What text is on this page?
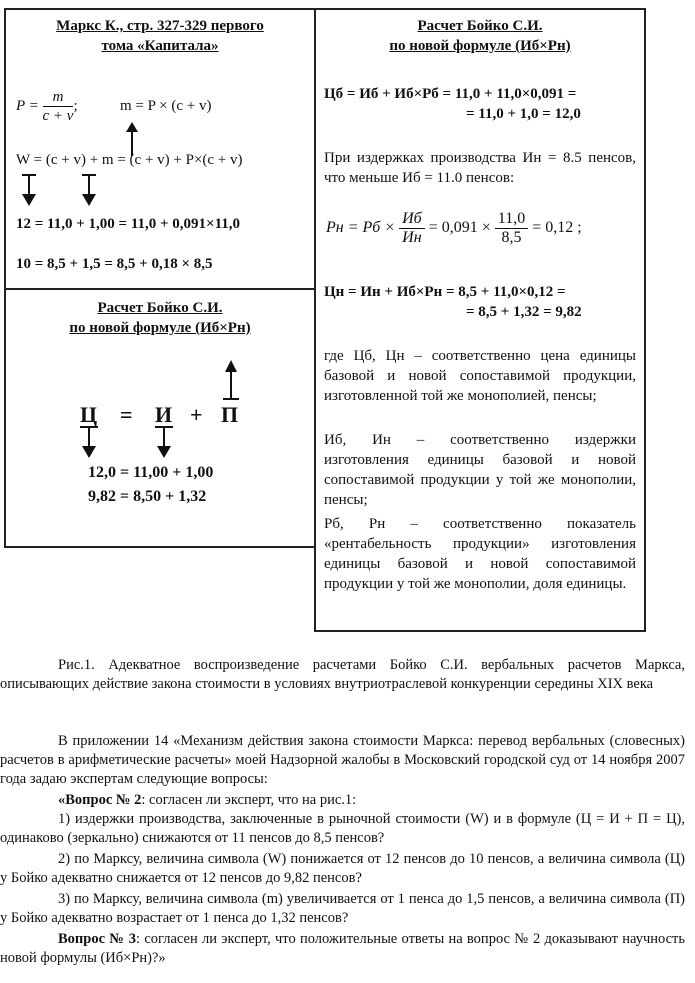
Маркс К., стр. 327-329 первого
тома «Капитала»
$P = \frac{m}{c + v}$ ;	m = P × (c + v)
W = (c + v) + m = (c + v) + P×(c + v)
12 = 11,0 + 1,00 = 11,0 + 0,091×11,0
10 = 8,5 + 1,5 = 8,5 + 0,18 × 8,5
Расчет Бойко С.И.
по новой формуле (Иб×Рн)
Ц = И + П
12,0 = 11,00 + 1,00
9,82 = 8,50 + 1,32
Расчет Бойко С.И.
по новой формуле (Иб×Рн)
Цб = Иб + Иб×Рб = 11,0 + 11,0×0,091 =
= 11,0 + 1,0 = 12,0
При издержках производства Ин = 8.5 пенсов, что меньше Иб = 11.0 пенсов:
Pн = Pб × $\frac{Иб}{Ин} = 0,091 \times \frac{11,0}{8,5} = 0,12$ ;
Цн = Ин + Иб×Рн = 8,5 + 11,0×0,12 =
= 8,5 + 1,32 = 9,82
где Цб, Цн – соответственно цена единицы базовой и новой сопоставимой продукции, изготовленной той же монополией, пенсы;
Иб, Ин – соответственно издержки изготовления единицы базовой и новой сопоставимой продукции у той же монополии, пенсы;
Рб, Рн – соответственно показатель «рентабельность продукции» изготовления единицы базовой и новой сопоставимой продукции у той же монополии, доля единицы.
Рис.1. Адекватное воспроизведение расчетами Бойко С.И. вербальных расчетов Маркса, описывающих действие закона стоимости в условиях внутриотраслевой конкуренции середины XIX века
В приложении 14 «Механизм действия закона стоимости Маркса: перевод вербальных (словесных) расчетов в арифметические расчеты» моей Надзорной жалобы в Московский городской суд от 14 ноября 2007 года задаю экспертам следующие вопросы:
«Вопрос № 2: согласен ли эксперт, что на рис.1:
1) издержки производства, заключенные в рыночной стоимости (W) и в формуле (Ц = И + П = Ц), одинаково (зеркально) снижаются от 11 пенсов до 8,5 пенсов?
2) по Марксу, величина символа (W) понижается от 12 пенсов до 10 пенсов, а величина символа (Ц) у Бойко адекватно снижается от 12 пенсов до 9,82 пенсов?
3) по Марксу, величина символа (m) увеличивается от 1 пенса до 1,5 пенсов, а величина символа (П) у Бойко адекватно возрастает от 1 пенса до 1,32 пенсов?
Вопрос № 3: согласен ли эксперт, что положительные ответы на вопрос № 2 доказывают научность новой формулы (Иб×Рн)?»
